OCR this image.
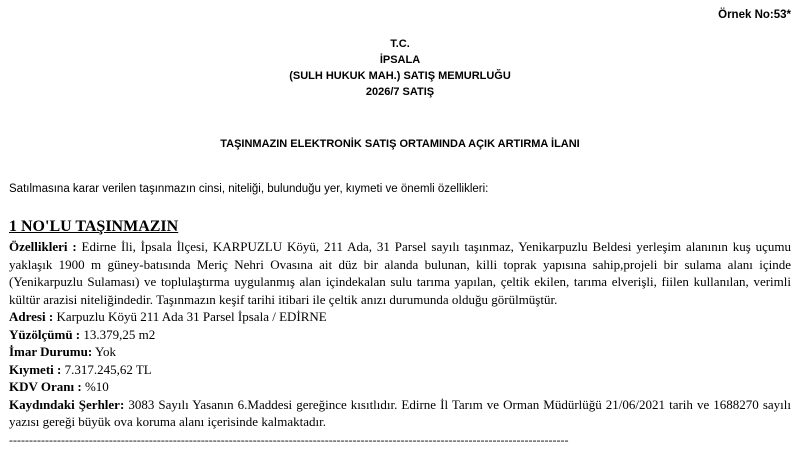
Örnek No:53*
T.C.
İPSALA
(SULH HUKUK MAH.) SATIŞ MEMURLUĞU
2026/7 SATIŞ
TAŞINMAZIN ELEKTRONİK SATIŞ ORTAMINDA AÇIK ARTIRMA İLANI
Satılmasına karar verilen taşınmazın cinsi, niteliği, bulunduğu yer, kıymeti ve önemli özellikleri:
1 NO'LU TAŞINMAZIN

Özellikleri : Edirne İli, İpsala İlçesi, KARPUZLU Köyü, 211 Ada, 31 Parsel sayılı taşınmaz, Yenikarpuzlu Beldesi yerleşim alanının kuş uçumu yaklaşık 1900 m güney-batısında Meriç Nehri Ovasına ait düz bir alanda bulunan, killi toprak yapısına sahip,projeli bir sulama alanı içinde (Yenikarpuzlu Sulaması) ve toplulaştırma uygulanmış alan içindekalan sulu tarıma yapılan, çeltik ekilen, tarıma elverişli, fiilen kullanılan, verimli kültür arazisi niteliğindedir. Taşınmazın keşif tarihi itibari ile çeltik anızı durumunda olduğu görülmüştür.

Adresi : Karpuzlu Köyü 211 Ada 31 Parsel İpsala / EDİRNE

Yüzölçümü : 13.379,25 m2

İmar Durumu: Yok

Kıymeti : 7.317.245,62 TL

KDV Oranı : %10

Kaydındaki Şerhler: 3083 Sayılı Yasanın 6.Maddesi gereğince kısıtlıdır. Edirne İl Tarım ve Orman Müdürlüğü 21/06/2021 tarih ve 1688270 sayılı yazısı gereği büyük ova koruma alanı içerisinde kalmaktadır.

--------------------------------------------------------------------------------------------------------------------------------------------
